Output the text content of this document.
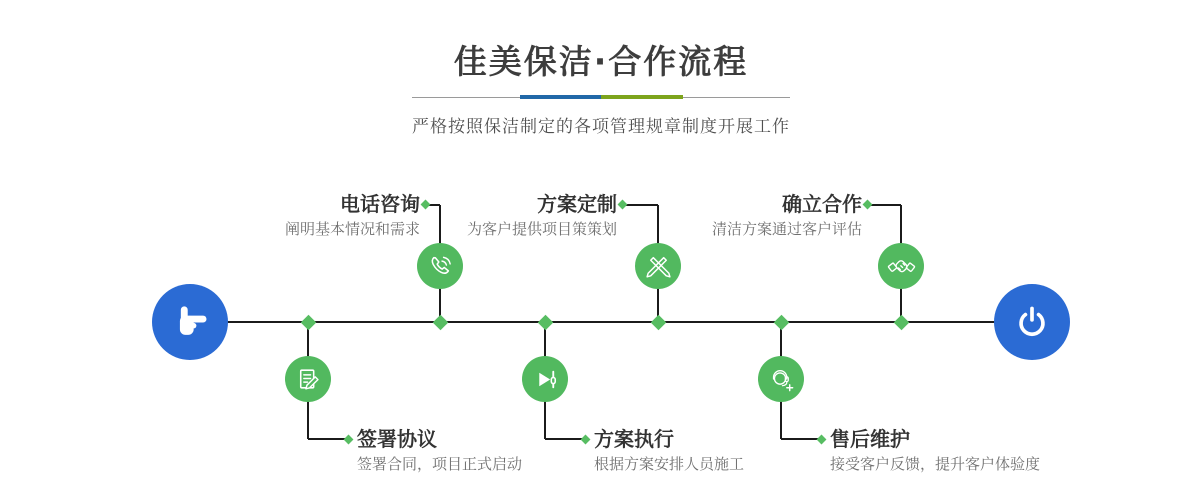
佳美保洁·合作流程

严格按照保洁制定的各项管理规章制度开展工作

签署协议
签署合同，项目正式启动
电话咨询
阐明基本情况和需求
方案执行
根据方案安排人员施工
方案定制
为客户提供项目策策划
售后维护
接受客户反馈，提升客户体验度
确立合作
清洁方案通过客户评估
